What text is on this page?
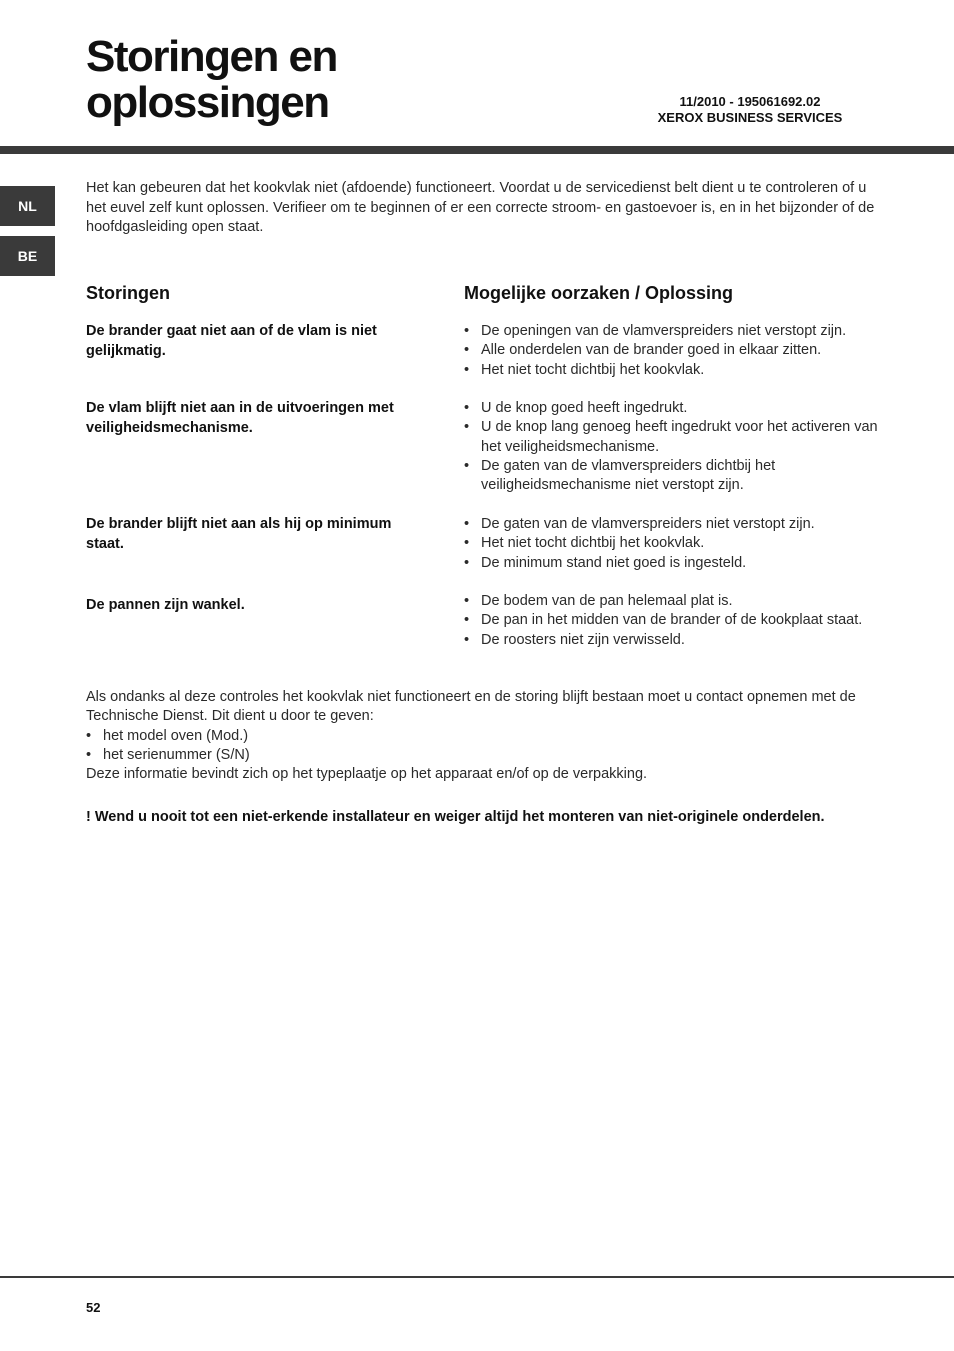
Storingen en
oplossingen	11/2010 - 195061692.02
XEROX BUSINESS SERVICES
NL
BE

Het kan gebeuren dat het kookvlak niet (afdoende) functioneert. Voordat u de servicedienst belt dient u te controleren of u het euvel zelf kunt oplossen. Verifieer om te beginnen of er een correcte stroom- en gastoevoer is, en in het bijzonder of de hoofdgasleiding open staat.

Storingen	Mogelijke oorzaken / Oplossing

De brander gaat niet aan of de vlam is niet gelijkmatig.

• De openingen van de vlamverspreiders niet verstopt zijn.
• Alle onderdelen van de brander goed in elkaar zitten.
• Het niet tocht dichtbij het kookvlak.

De vlam blijft niet aan in de uitvoeringen met veiligheidsmechanisme.

• U de knop goed heeft ingedrukt.
• U de knop lang genoeg heeft ingedrukt voor het activeren van het veiligheidsmechanisme.
• De gaten van de vlamverspreiders dichtbij het veiligheidsmechanisme niet verstopt zijn.

De brander blijft niet aan als hij op minimum staat.

• De gaten van de vlamverspreiders niet verstopt zijn.
• Het niet tocht dichtbij het kookvlak.
• De minimum stand niet goed is ingesteld.

De pannen zijn wankel.

•	De bodem van de pan helemaal plat is.
• De pan in het midden van de brander of de kookplaat staat.
• De roosters niet zijn verwisseld.

Als ondanks al deze controles het kookvlak niet functioneert en de storing blijft bestaan moet u contact opnemen met de Technische Dienst. Dit dient u door te geven:

• het model oven (Mod.)
• het serienummer (S/N)

Deze informatie bevindt zich op het typeplaatje op het apparaat en/of op de verpakking.

! Wend u nooit tot een niet-erkende installateur en weiger altijd het monteren van niet-originele onderdelen.

52
